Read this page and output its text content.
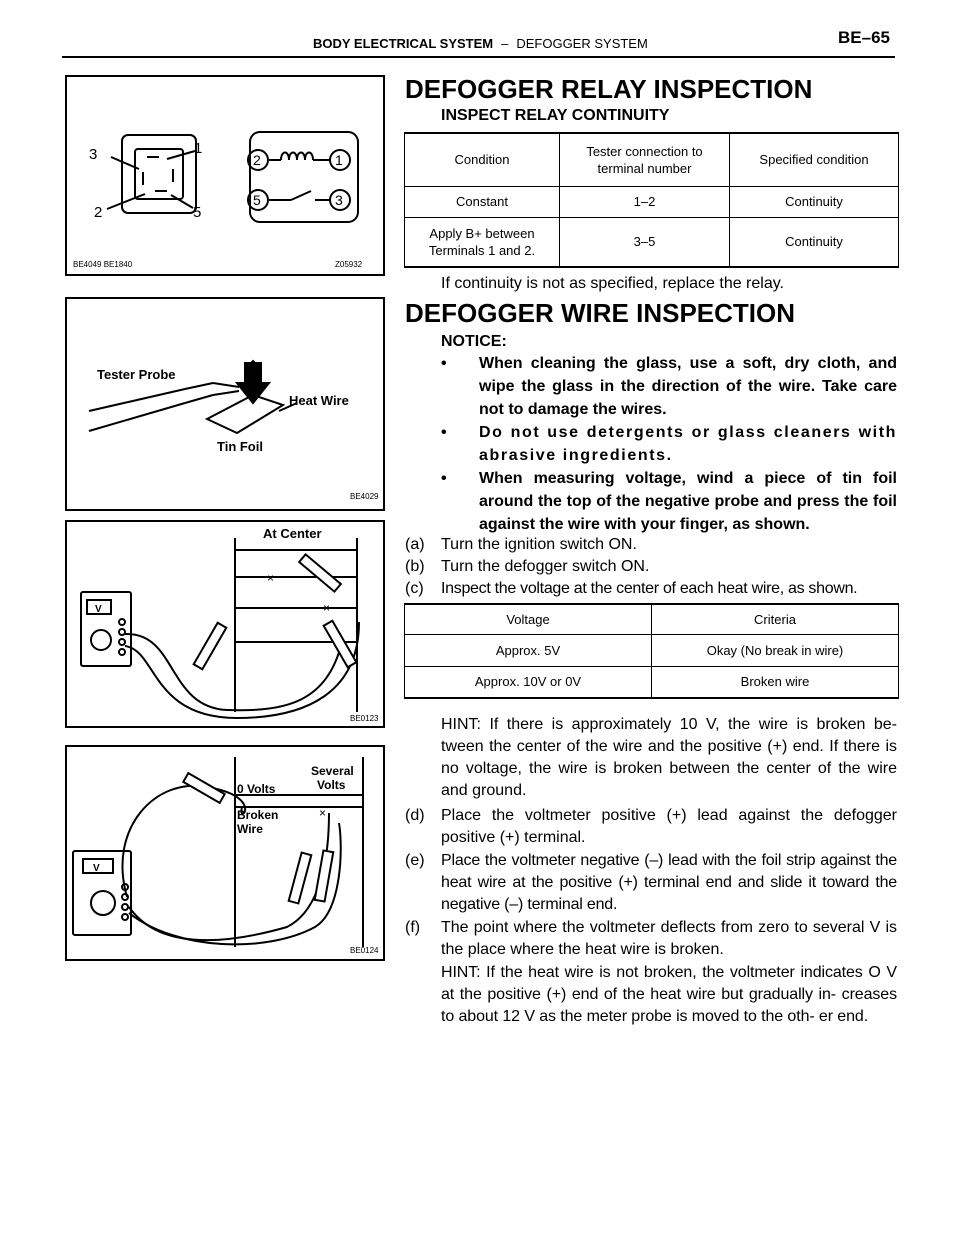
BODY ELECTRICAL SYSTEM – DEFOGGER SYSTEM	BE–65
3	1
2	5
2	1
5	3
BE4049 BE1840	Z05932
Tester Probe
Heat Wire
Tin Foil
BE4029
At Center
V
×
×
BE0123
0 Volts
Several
Volts
Broken
Wire
×
V
BE0124
DEFOGGER RELAY INSPECTION
INSPECT RELAY CONTINUITY
Condition	Tester connection to terminal number	Specified condition
Constant	1–2	Continuity
Apply B+ between Terminals 1 and 2.	3–5	Continuity
If continuity is not as specified, replace the relay.
DEFOGGER WIRE INSPECTION
NOTICE:
•	When cleaning the glass, use a soft, dry cloth, and wipe the glass in the direction of the wire. Take care not to damage the wires.
•	Do not use detergents or glass cleaners with abrasive ingredients.
•	When measuring voltage, wind a piece of tin foil around the top of the negative probe and press the foil against the wire with your finger, as shown.
(a)	Turn the ignition switch ON.
(b)	Turn the defogger switch ON.
(c)	Inspect the voltage at the center of each heat wire, as shown.
Voltage	Criteria
Approx. 5V	Okay (No break in wire)
Approx. 10V or 0V	Broken wire
HINT: If there is approximately 10 V, the wire is broken be- tween the center of the wire and the positive (+) end. If there is no voltage, the wire is broken between the center of the wire and ground.
(d)	Place the voltmeter positive (+) lead against the defogger positive (+) terminal.
(e)	Place the voltmeter negative (–) lead with the foil strip against the heat wire at the positive (+) terminal end and slide it toward the negative (–) terminal end.
(f)	The point where the voltmeter deflects from zero to several V is the place where the heat wire is broken.
HINT: If the heat wire is not broken, the voltmeter indicates O V at the positive (+) end of the heat wire but gradually in- creases to about 12 V as the meter probe is moved to the oth- er end.
